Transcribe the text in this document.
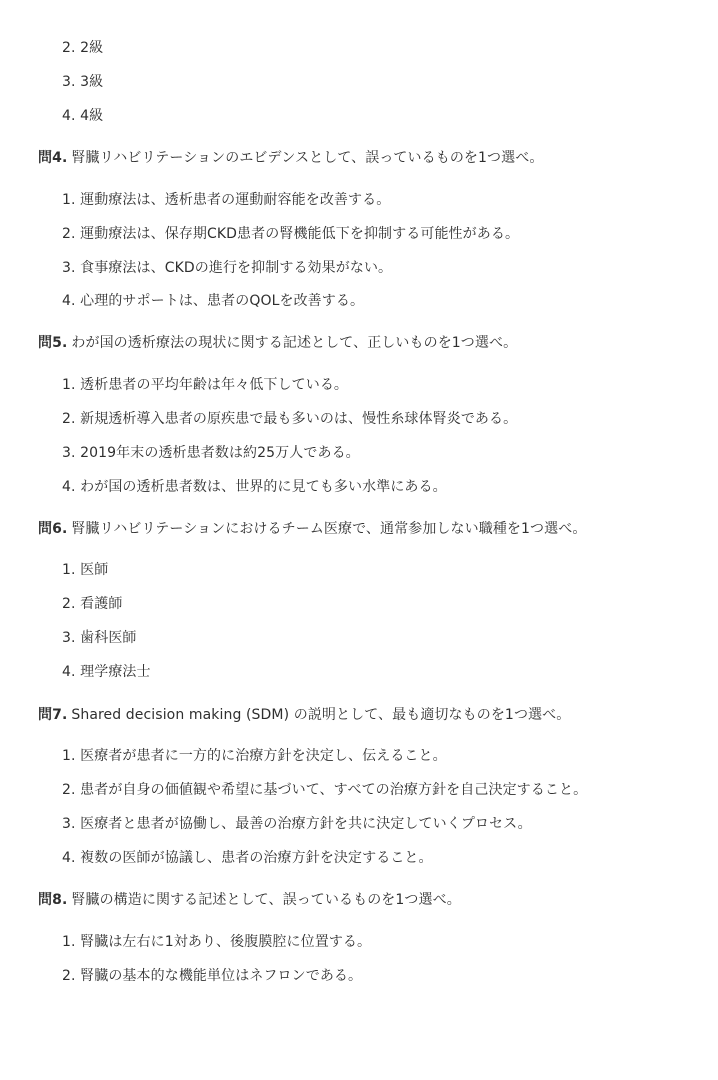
2. 2級
3. 3級
4. 4級
問4. 腎臓リハビリテーションのエビデンスとして、誤っているものを1つ選べ。
1. 運動療法は、透析患者の運動耐容能を改善する。
2. 運動療法は、保存期CKD患者の腎機能低下を抑制する可能性がある。
3. 食事療法は、CKDの進行を抑制する効果がない。
4. 心理的サポートは、患者のQOLを改善する。
問5. わが国の透析療法の現状に関する記述として、正しいものを1つ選べ。
1. 透析患者の平均年齢は年々低下している。
2. 新規透析導入患者の原疾患で最も多いのは、慢性糸球体腎炎である。
3. 2019年末の透析患者数は約25万人である。
4. わが国の透析患者数は、世界的に見ても多い水準にある。
問6. 腎臓リハビリテーションにおけるチーム医療で、通常参加しない職種を1つ選べ。
1. 医師
2. 看護師
3. 歯科医師
4. 理学療法士
問7. Shared decision making (SDM) の説明として、最も適切なものを1つ選べ。
1. 医療者が患者に一方的に治療方針を決定し、伝えること。
2. 患者が自身の価値観や希望に基づいて、すべての治療方針を自己決定すること。
3. 医療者と患者が協働し、最善の治療方針を共に決定していくプロセス。
4. 複数の医師が協議し、患者の治療方針を決定すること。
問8. 腎臓の構造に関する記述として、誤っているものを1つ選べ。
1. 腎臓は左右に1対あり、後腹膜腔に位置する。
2. 腎臓の基本的な機能単位はネフロンである。
